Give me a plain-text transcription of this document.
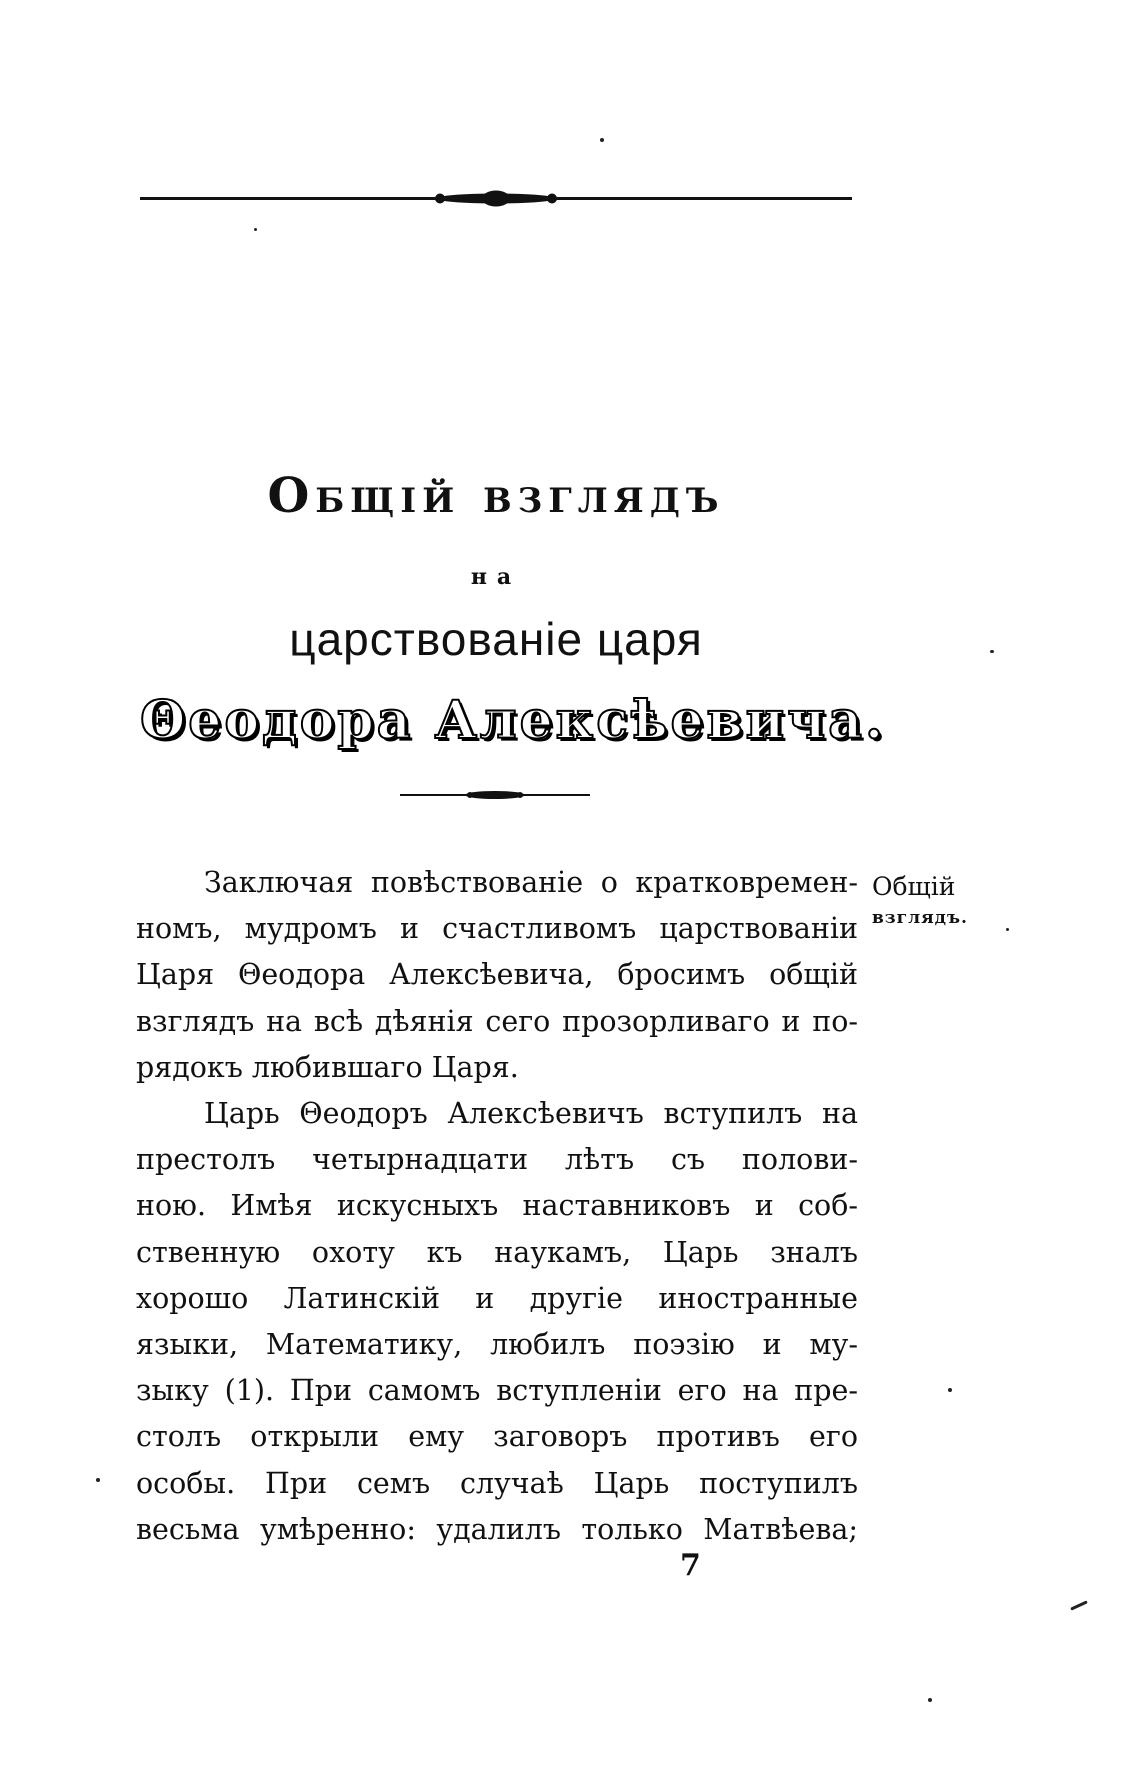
Общій взглядъ
на
царствованіе царя
Θеодора Алексѣевича.
Заключая повѣствованіе о кратковремен-
номъ, мудромъ и счастливомъ царствованіи
Царя Θеодора Алексѣевича, бросимъ общій
взглядъ на всѣ дѣянія сего прозорливаго и по-
рядокъ любившаго Царя.
Царь Θеодоръ Алексѣевичъ вступилъ на
престолъ четырнадцати лѣтъ съ полови-
ною. Имѣя искусныхъ наставниковъ и соб-
ственную охоту къ наукамъ, Царь зналъ
хорошо Латинскій и другіе иностранные
языки, Математику, любилъ поэзію и му-
зыку (1). При самомъ вступленіи его на пре-
столъ открыли ему заговоръ противъ его
особы. При семъ случаѣ Царь поступилъ
весьма умѣренно: удалилъ только Матвѣева;
Общій
взглядъ.
7
